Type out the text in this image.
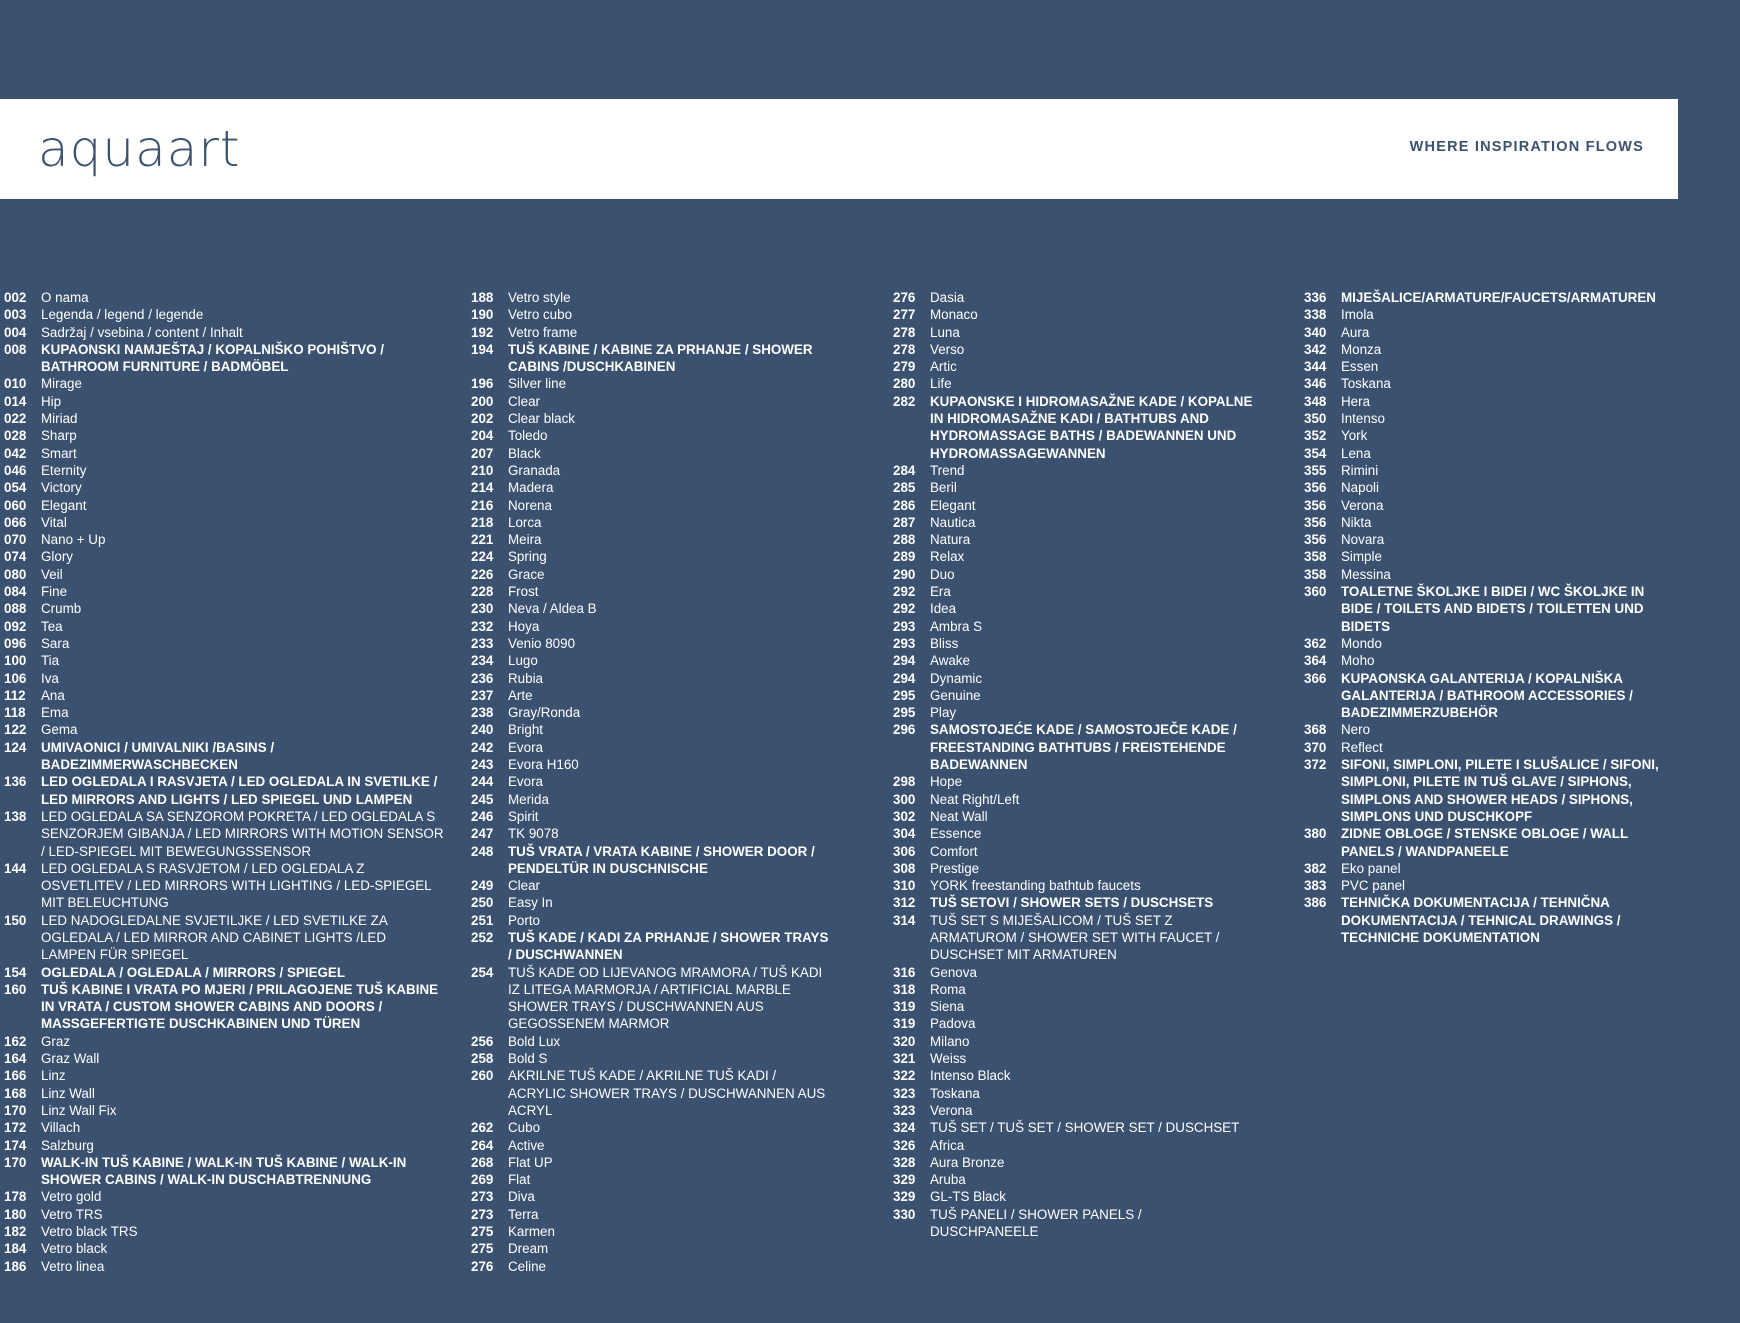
aquaart	WHERE INSPIRATION FLOWS
002	O nama
003	Legenda / legend / legende
004	Sadržaj / vsebina / content / Inhalt
008	KUPAONSKI NAMJEŠTAJ / KOPALNIŠKO POHIŠTVO / BATHROOM FURNITURE / BADMÖBEL
010	Mirage
014	Hip
022	Miriad
028	Sharp
042	Smart
046	Eternity
054	Victory
060	Elegant
066	Vital
070	Nano + Up
074	Glory
080	Veil
084	Fine
088	Crumb
092	Tea
096	Sara
100	Tia
106	Iva
112	Ana
118	Ema
122	Gema
124	UMIVAONICI / UMIVALNIKI /BASINS / BADEZIMMERWASCHBECKEN
136	LED OGLEDALA I RASVJETA / LED OGLEDALA IN SVETILKE / LED MIRRORS AND LIGHTS / LED SPIEGEL UND LAMPEN
138	LED OGLEDALA SA SENZOROM POKRETA / LED OGLEDALA S SENZORJEM GIBANJA / LED MIRRORS WITH MOTION SENSOR / LED-SPIEGEL MIT BEWEGUNGSSENSOR
144	LED OGLEDALA S RASVJETOM / LED OGLEDALA Z OSVETLITEV / LED MIRRORS WITH LIGHTING / LED-SPIEGEL MIT BELEUCHTUNG
150	LED NADOGLEDALNE SVJETILJKE / LED SVETILKE ZA OGLEDALA / LED MIRROR AND CABINET LIGHTS /LED LAMPEN FÜR SPIEGEL
154	OGLEDALA / OGLEDALA / MIRRORS / SPIEGEL
160	TUŠ KABINE I VRATA PO MJERI / PRILAGOJENE TUŠ KABINE IN VRATA / CUSTOM SHOWER CABINS AND DOORS / MASSGEFERTIGTE DUSCHKABINEN UND TÜREN
162	Graz
164	Graz Wall
166	Linz
168	Linz Wall
170	Linz Wall Fix
172	Villach
174	Salzburg
170	WALK-IN TUŠ KABINE / WALK-IN TUŠ KABINE / WALK-IN SHOWER CABINS / WALK-IN DUSCHABTRENNUNG
178	Vetro gold
180	Vetro TRS
182	Vetro black TRS
184	Vetro black
186	Vetro linea
188	Vetro style
190	Vetro cubo
192	Vetro frame
194	TUŠ KABINE / KABINE ZA PRHANJE / SHOWER CABINS /DUSCHKABINEN
196	Silver line
200	Clear
202	Clear black
204	Toledo
207	Black
210	Granada
214	Madera
216	Norena
218	Lorca
221	Meira
224	Spring
226	Grace
228	Frost
230	Neva / Aldea B
232	Hoya
233	Venio 8090
234	Lugo
236	Rubia
237	Arte
238	Gray/Ronda
240	Bright
242	Evora
243	Evora H160
244	Evora
245	Merida
246	Spirit
247	TK 9078
248	TUŠ VRATA / VRATA KABINE / SHOWER DOOR / PENDELTÜR IN DUSCHNISCHE
249	Clear
250	Easy In
251	Porto
252	TUŠ KADE / KADI ZA PRHANJE / SHOWER TRAYS / DUSCHWANNEN
254	TUŠ KADE OD LIJEVANOG MRAMORA / TUŠ KADI IZ LITEGA MARMORJA / ARTIFICIAL MARBLE SHOWER TRAYS / DUSCHWANNEN AUS GEGOSSENEM MARMOR
256	Bold Lux
258	Bold S
260	AKRILNE TUŠ KADE / AKRILNE TUŠ KADI / ACRYLIC SHOWER TRAYS / DUSCHWANNEN AUS ACRYL
262	Cubo
264	Active
268	Flat UP
269	Flat
273	Diva
273	Terra
275	Karmen
275	Dream
276	Celine
276	Dasia
277	Monaco
278	Luna
278	Verso
279	Artic
280	Life
282	KUPAONSKE I HIDROMASAŽNE KADE / KOPALNE IN HIDROMASAŽNE KADI / BATHTUBS AND HYDROMASSAGE BATHS / BADEWANNEN UND HYDROMASSAGEWANNEN
284	Trend
285	Beril
286	Elegant
287	Nautica
288	Natura
289	Relax
290	Duo
292	Era
292	Idea
293	Ambra S
293	Bliss
294	Awake
294	Dynamic
295	Genuine
295	Play
296	SAMOSTOJEĆE KADE / SAMOSTOJEČE KADE / FREESTANDING BATHTUBS / FREISTEHENDE BADEWANNEN
298	Hope
300	Neat Right/Left
302	Neat Wall
304	Essence
306	Comfort
308	Prestige
310	YORK freestanding bathtub faucets
312	TUŠ SETOVI / SHOWER SETS / DUSCHSETS
314	TUŠ SET S MIJEŠALICOM / TUŠ SET Z ARMATUROM / SHOWER SET WITH FAUCET / DUSCHSET MIT ARMATUREN
316	Genova
318	Roma
319	Siena
319	Padova
320	Milano
321	Weiss
322	Intenso Black
323	Toskana
323	Verona
324	TUŠ SET / TUŠ SET / SHOWER SET / DUSCHSET
326	Africa
328	Aura Bronze
329	Aruba
329	GL-TS Black
330	TUŠ PANELI / SHOWER PANELS / DUSCHPANEELE
336	MIJEŠALICE/ARMATURE/FAUCETS/ARMATUREN
338	Imola
340	Aura
342	Monza
344	Essen
346	Toskana
348	Hera
350	Intenso
352	York
354	Lena
355	Rimini
356	Napoli
356	Verona
356	Nikta
356	Novara
358	Simple
358	Messina
360	TOALETNE ŠKOLJKE I BIDEI / WC ŠKOLJKE IN BIDE / TOILETS AND BIDETS / TOILETTEN UND BIDETS
362	Mondo
364	Moho
366	KUPAONSKA GALANTERIJA / KOPALNIŠKA GALANTERIJA / BATHROOM ACCESSORIES / BADEZIMMERZUBEHÖR
368	Nero
370	Reflect
372	SIFONI, SIMPLONI, PILETE I SLUŠALICE / SIFONI, SIMPLONI, PILETE IN TUŠ GLAVE / SIPHONS, SIMPLONS AND SHOWER HEADS / SIPHONS, SIMPLONS UND DUSCHKOPF
380	ZIDNE OBLOGE / STENSKE OBLOGE / WALL PANELS / WANDPANEELE
382	Eko panel
383	PVC panel
386	TEHNIČKA DOKUMENTACIJA / TEHNIČNA DOKUMENTACIJA / TEHNICAL DRAWINGS / TECHNICHE DOKUMENTATION
